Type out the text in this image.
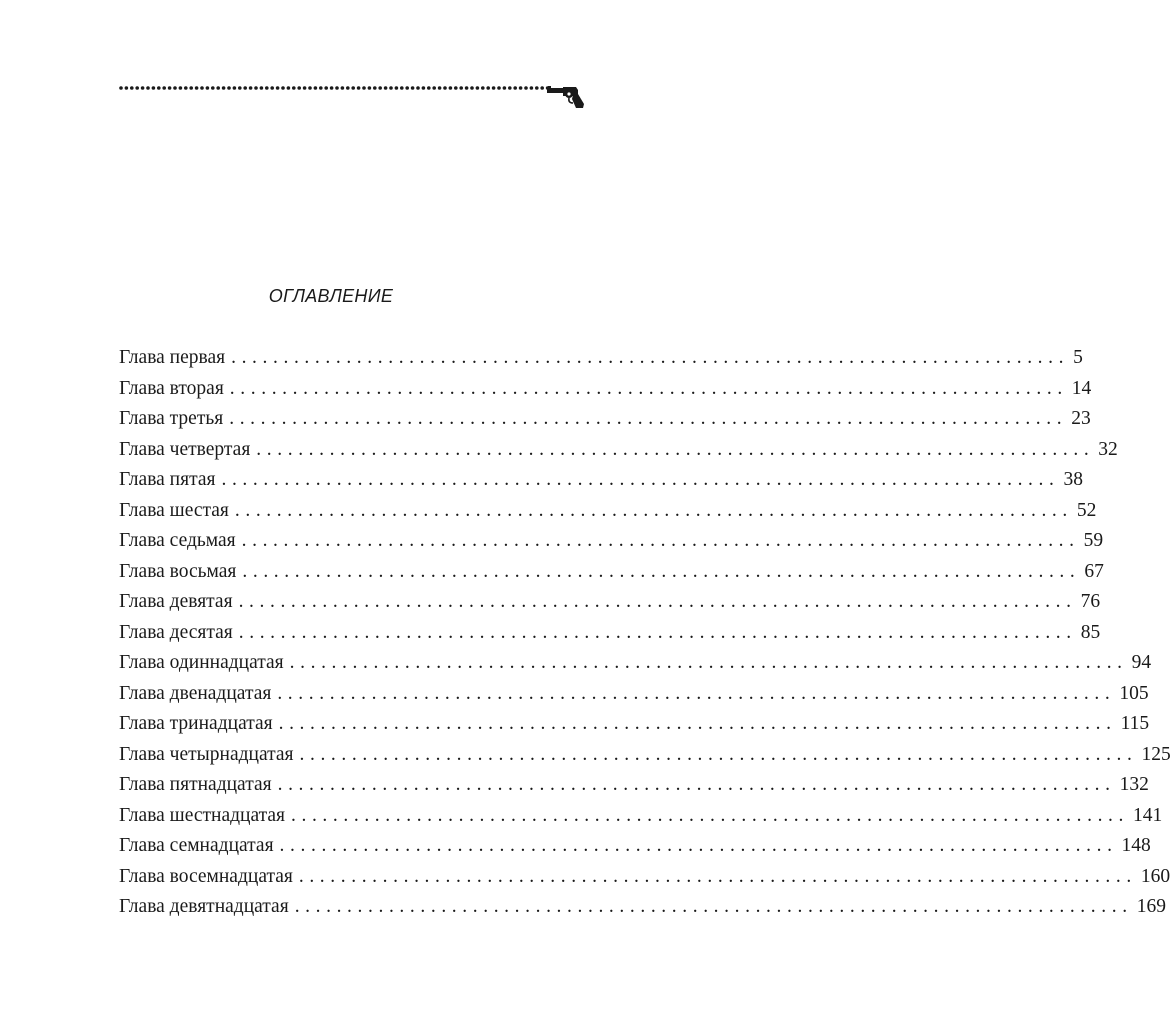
ОГЛАВЛЕНИЕ
Глава первая ................................................................................ 5
Глава вторая ................................................................................ 14
Глава третья ................................................................................ 23
Глава четвертая ................................................................................ 32
Глава пятая ................................................................................ 38
Глава шестая ................................................................................ 52
Глава седьмая ................................................................................ 59
Глава восьмая ................................................................................ 67
Глава девятая ................................................................................ 76
Глава десятая ................................................................................ 85
Глава одиннадцатая ................................................................................ 94
Глава двенадцатая ................................................................................ 105
Глава тринадцатая ................................................................................ 115
Глава четырнадцатая ................................................................................ 125
Глава пятнадцатая ................................................................................ 132
Глава шестнадцатая ................................................................................ 141
Глава семнадцатая ................................................................................ 148
Глава восемнадцатая ................................................................................ 160
Глава девятнадцатая ................................................................................ 169
